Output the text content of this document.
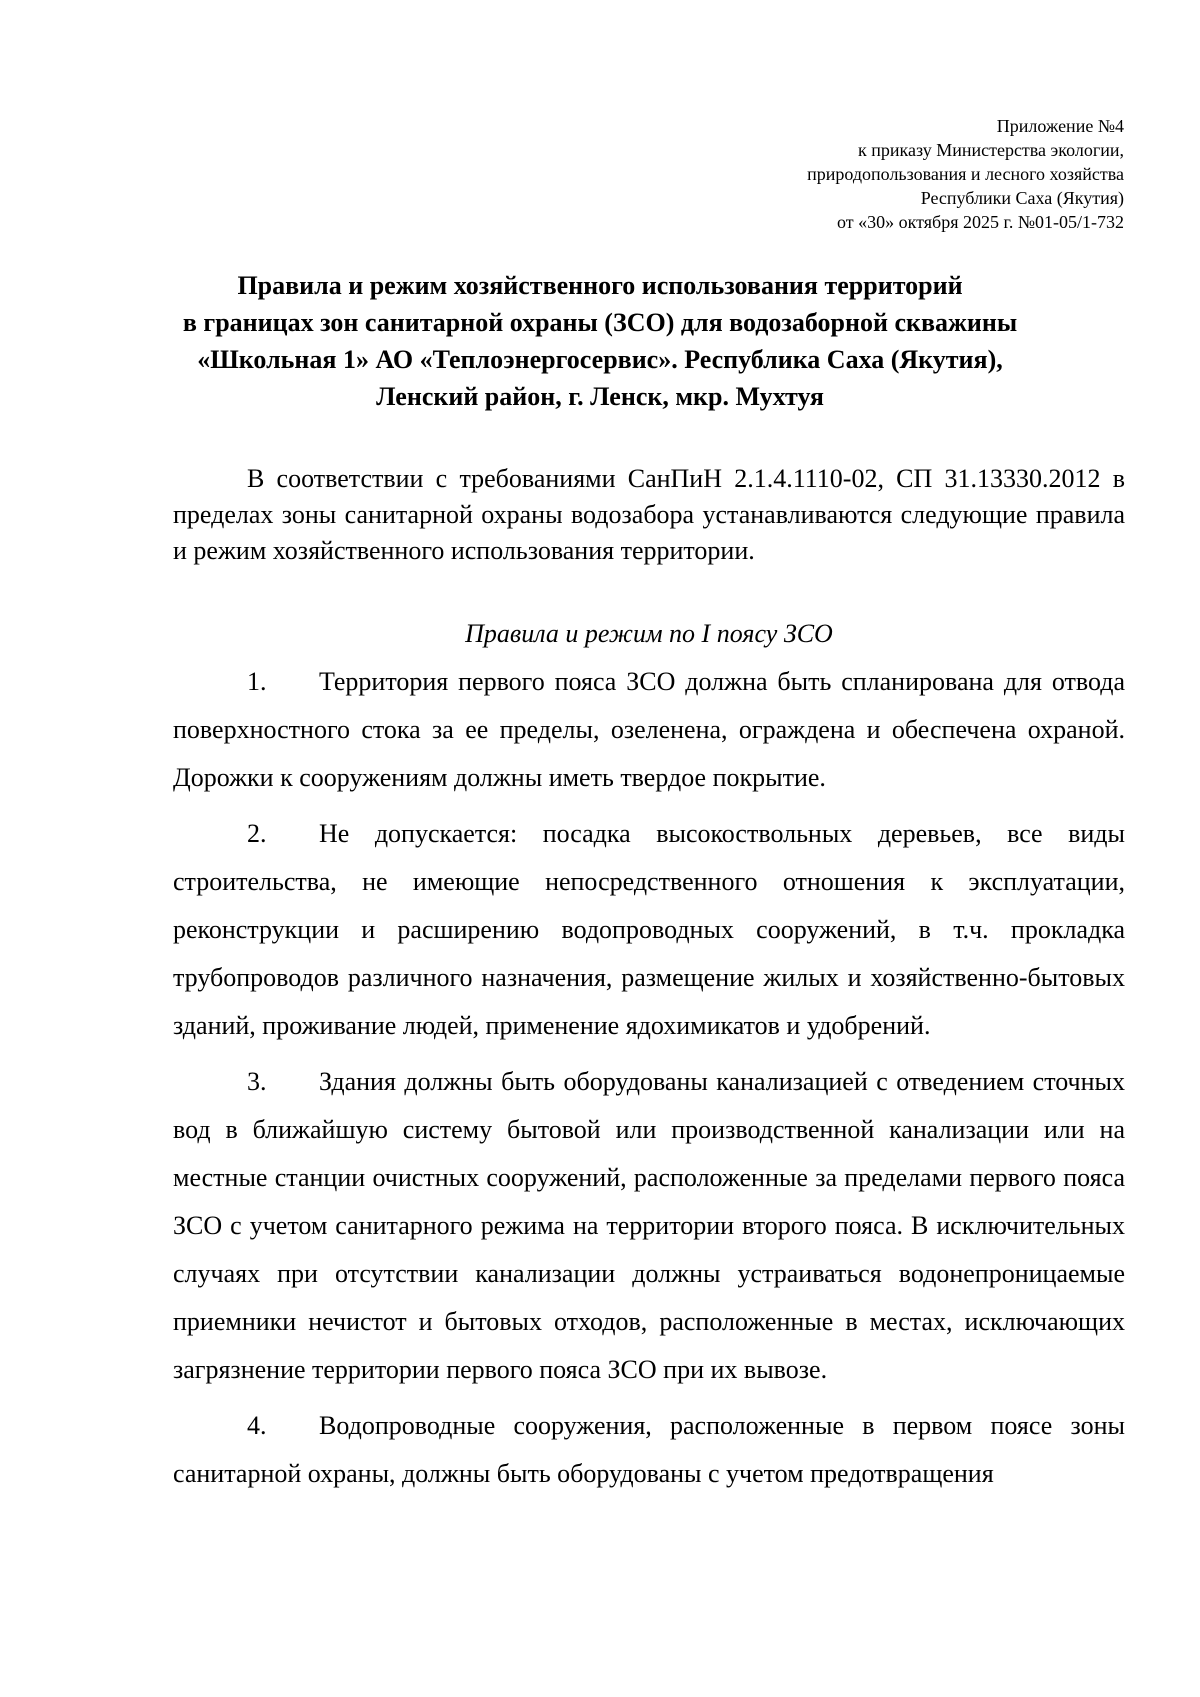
Приложение №4
к приказу Министерства экологии,
природопользования и лесного хозяйства
Республики Саха (Якутия)
от «30» октября 2025 г. №01-05/1-732
Правила и режим хозяйственного использования территорий
в границах зон санитарной охраны (ЗСО) для водозаборной скважины
«Школьная 1» АО «Теплоэнергосервис». Республика Саха (Якутия),
Ленский район, г. Ленск, мкр. Мухтуя

В соответствии с требованиями СанПиН 2.1.4.1110-02, СП 31.13330.2012 в пределах зоны санитарной охраны водозабора устанавливаются следующие правила и режим хозяйственного использования территории.

Правила и режим по I поясу ЗСО

1. Территория первого пояса ЗСО должна быть спланирована для отвода поверхностного стока за ее пределы, озеленена, ограждена и обеспечена охраной. Дорожки к сооружениям должны иметь твердое покрытие.

2. Не допускается: посадка высокоствольных деревьев, все виды строительства, не имеющие непосредственного отношения к эксплуатации, реконструкции и расширению водопроводных сооружений, в т.ч. прокладка трубопроводов различного назначения, размещение жилых и хозяйственно-бытовых зданий, проживание людей, применение ядохимикатов и удобрений.

3. Здания должны быть оборудованы канализацией с отведением сточных вод в ближайшую систему бытовой или производственной канализации или на местные станции очистных сооружений, расположенные за пределами первого пояса ЗСО с учетом санитарного режима на территории второго пояса. В исключительных случаях при отсутствии канализации должны устраиваться водонепроницаемые приемники нечистот и бытовых отходов, расположенные в местах, исключающих загрязнение территории первого пояса ЗСО при их вывозе.

4. Водопроводные сооружения, расположенные в первом поясе зоны санитарной охраны, должны быть оборудованы с учетом предотвращения
